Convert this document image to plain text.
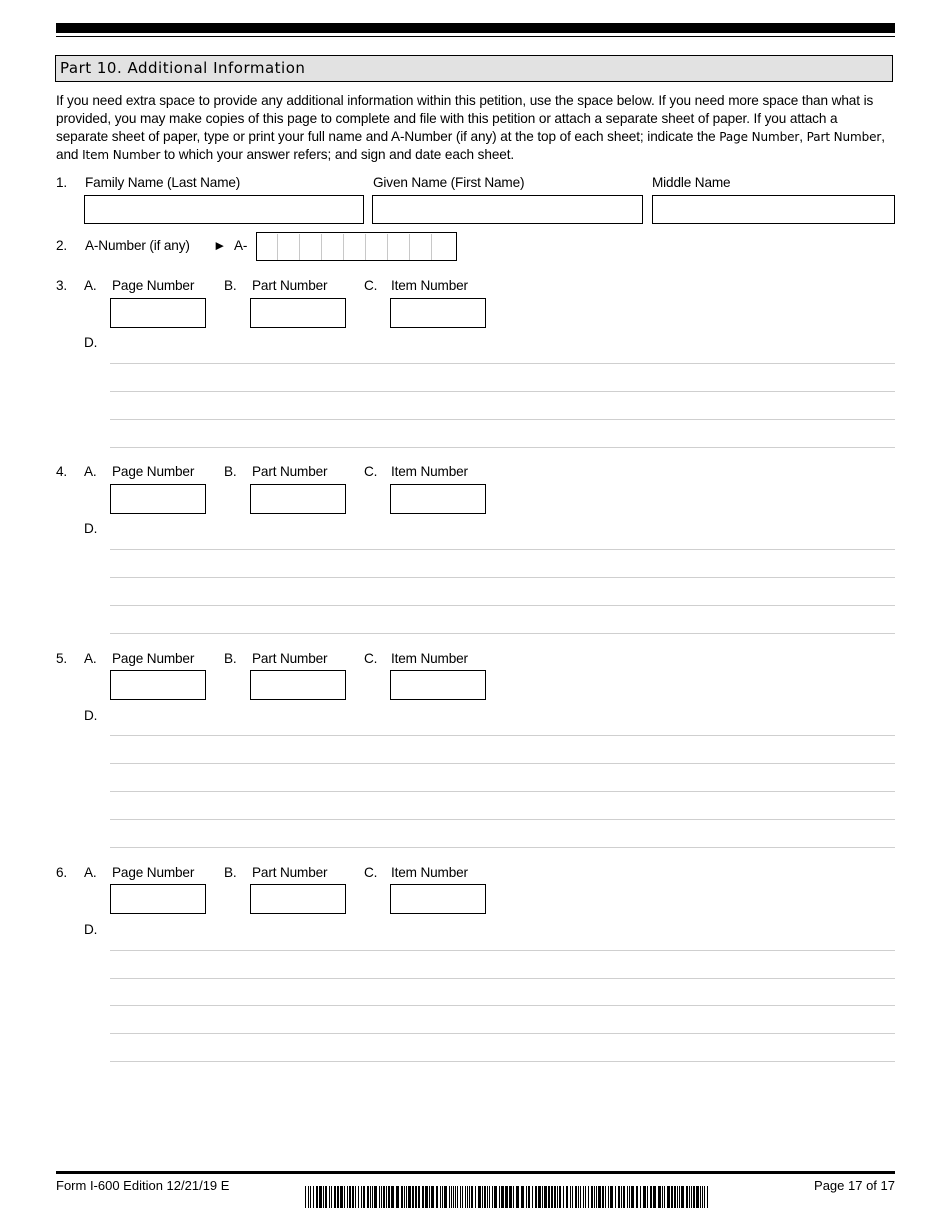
Part 10. Additional Information
If you need extra space to provide any additional information within this petition, use the space below. If you need more space than what is provided, you may make copies of this page to complete and file with this petition or attach a separate sheet of paper. If you attach a separate sheet of paper, type or print your full name and A-Number (if any) at the top of each sheet; indicate the Page Number, Part Number, and Item Number to which your answer refers; and sign and date each sheet.
1. Family Name (Last Name)	Given Name (First Name)	Middle Name
2. A-Number (if any) ► A-
3. A. Page Number B. Part Number	C. Item Number
D.
4. A. Page Number B. Part Number	C. Item Number
D.
5. A. Page Number B. Part Number	C. Item Number
D.
6. A. Page Number B. Part Number	C. Item Number
D.
Form I-600 Edition 12/21/19 E	Page 17 of 17
